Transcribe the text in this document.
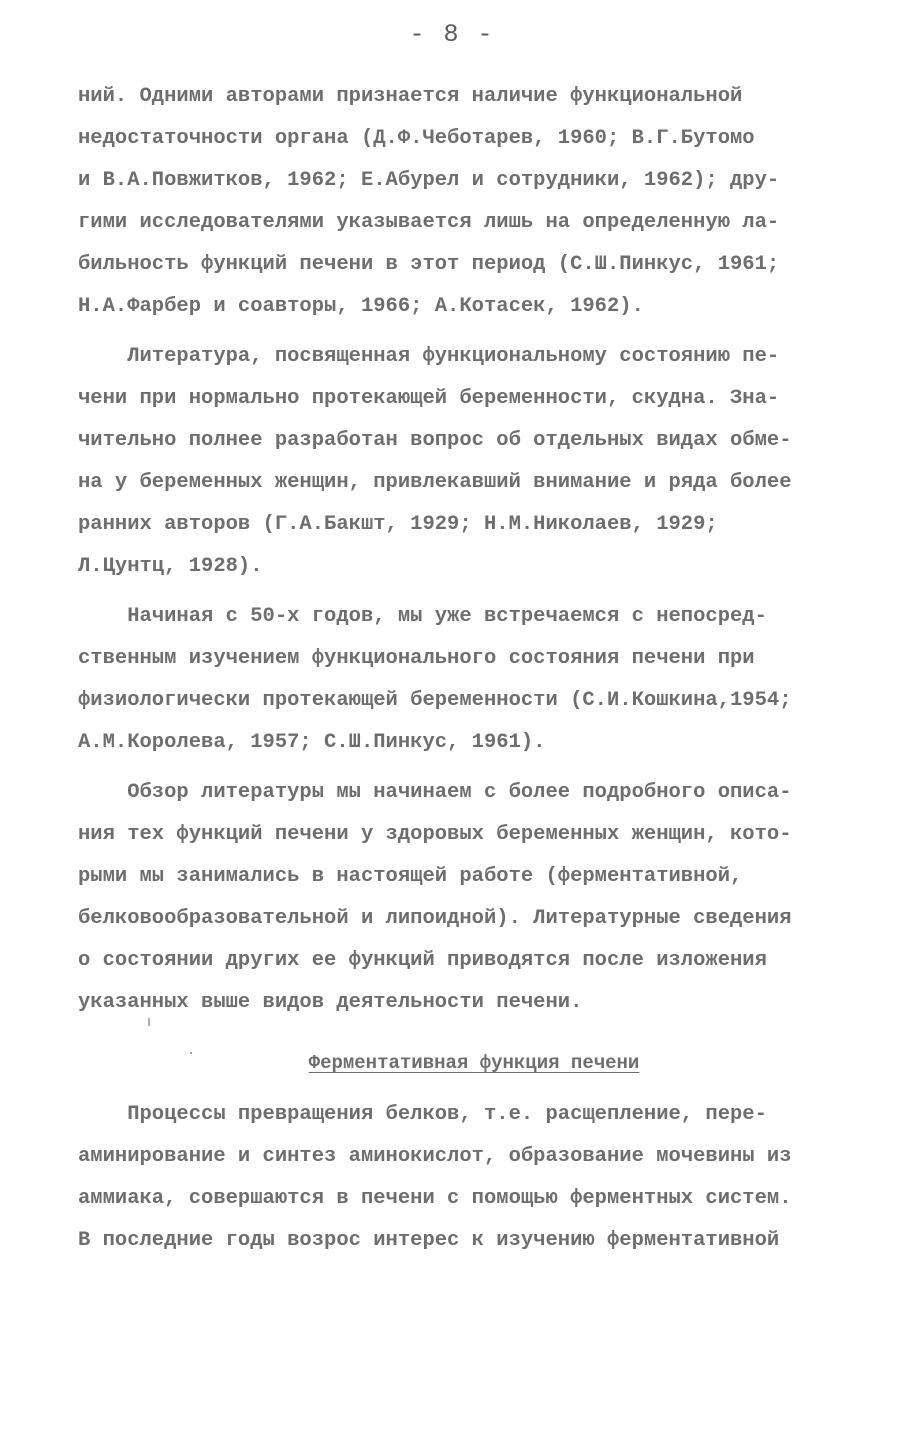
- 8 -
ний. Одними авторами признается наличие функциональной
недостаточности органа (Д.Ф.Чеботарев, 1960; В.Г.Бутомо
и В.А.Повжитков, 1962; Е.Абурел и сотрудники, 1962); дру-
гими исследователями указывается лишь на определенную ла-
бильность функций печени в этот период (С.Ш.Пинкус, 1961;
Н.А.Фарбер и соавторы, 1966; А.Котасек, 1962).
Литература, посвященная функциональному состоянию пе-
чени при нормально протекающей беременности, скудна. Зна-
чительно полнее разработан вопрос об отдельных видах обме-
на у беременных женщин, привлекавший внимание и ряда более
ранних авторов (Г.А.Бакшт, 1929; Н.М.Николаев, 1929;
Л.Цунтц, 1928).
Начиная с 50-х годов, мы уже встречаемся с непосред-
ственным изучением функционального состояния печени при
физиологически протекающей беременности (С.И.Кошкина,1954;
А.М.Королева, 1957; С.Ш.Пинкус, 1961).
Обзор литературы мы начинаем с более подробного описа-
ния тех функций печени у здоровых беременных женщин, кото-
рыми мы занимались в настоящей работе (ферментативной,
белковообразовательной и липоидной). Литературные сведения
о состоянии других ее функций приводятся после изложения
указанных выше видов деятельности печени.
Ферментативная функция печени
Процессы превращения белков, т.е. расщепление, пере-
аминирование и синтез аминокислот, образование мочевины из
аммиака, совершаются в печени с помощью ферментных систем.
В последние годы возрос интерес к изучению ферментативной
